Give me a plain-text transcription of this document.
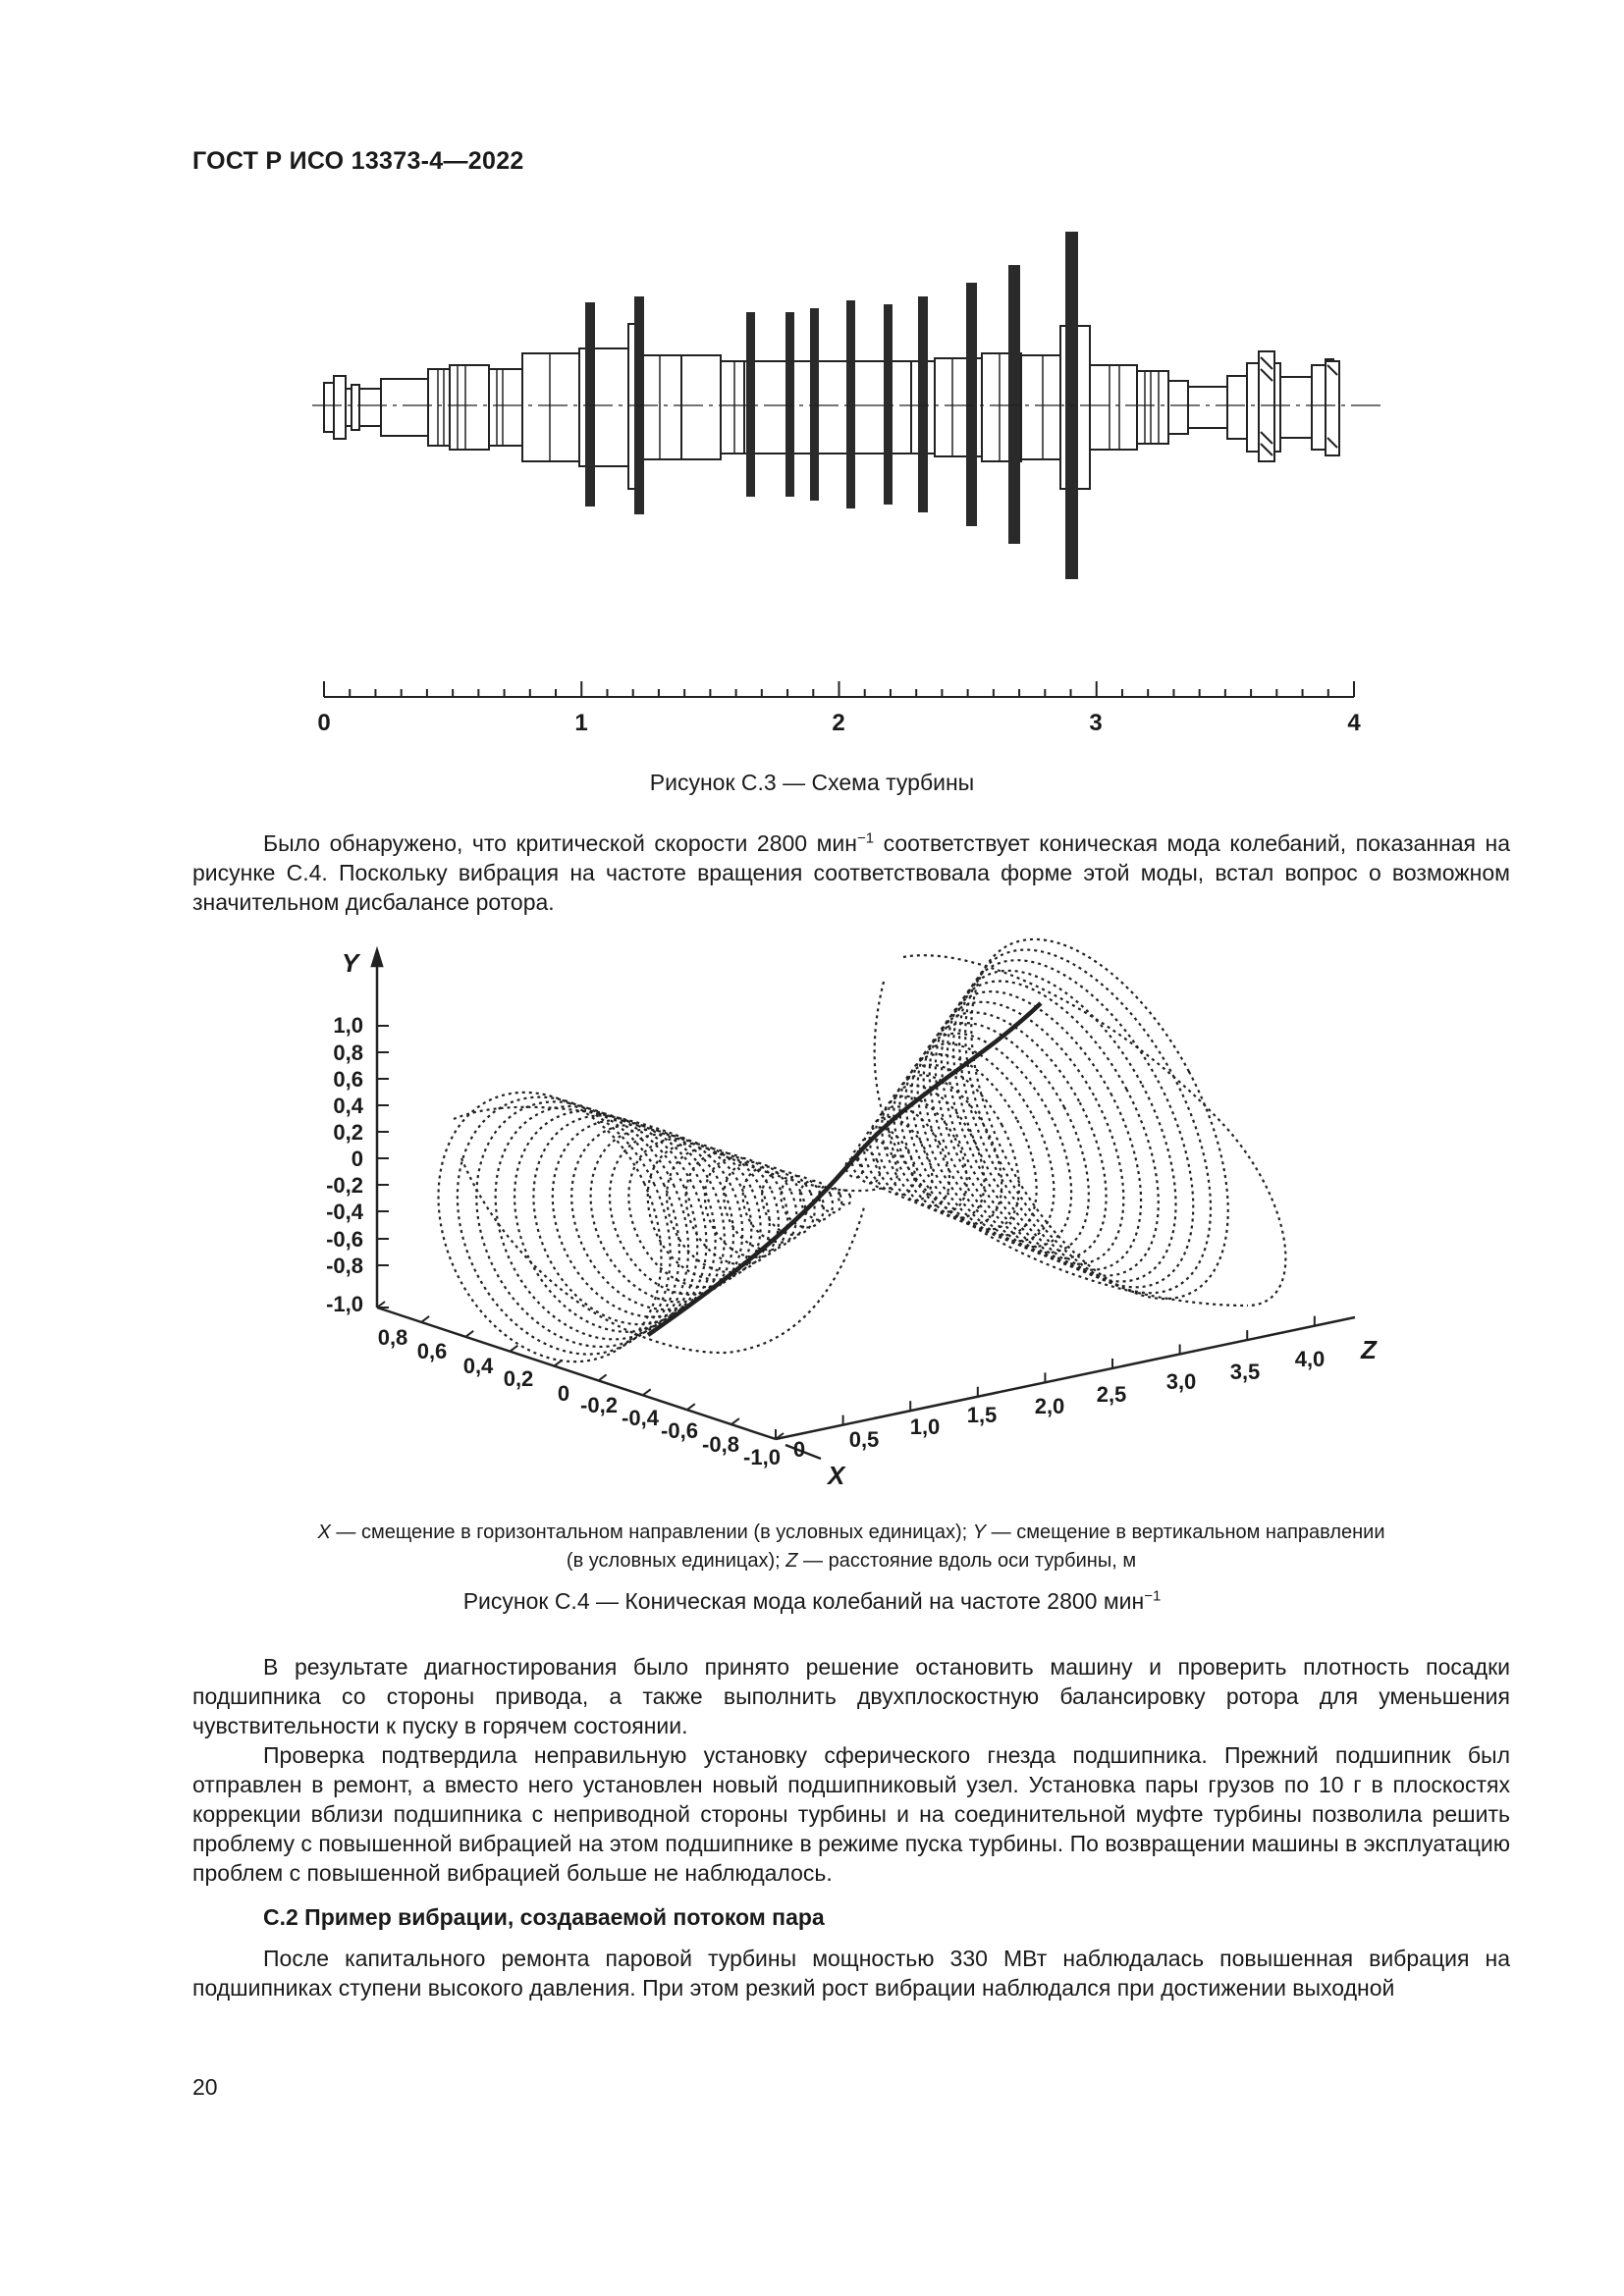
ГОСТ Р ИСО 13373-4—2022
0	1	2	3	4
Рисунок С.3 — Схема турбины

Было обнаружено, что критической скорости 2800 мин$^{-1}$ соответствует коническая мода колебаний, показанная на рисунке С.4. Поскольку вибрация на частоте вращения соответствовала форме этой моды, встал вопрос о возможном значительном дисбалансе ротора.

Y
Z
X
1,0
0,8
0,6
0,4
0,2
0
-0,2
-0,4
-0,6
-0,8
-1,0
0,8
0,6
0,4
0,2
0 -0,2
-0,4
-0,6
-0,8
-1,0 0 0,5
1,0 1,5 2,0 2,5
3,0 3,5
4,0
X — смещение в горизонтальном направлении (в условных единицах); Y — смещение в вертикальном направлении
(в условных единицах); Z — расстояние вдоль оси турбины, м
Рисунок С.4 — Коническая мода колебаний на частоте 2800 мин$^{-1}$

В результате диагностирования было принято решение остановить машину и проверить плотность посадки подшипника со стороны привода, а также выполнить двухплоскостную балансировку ротора для уменьшения чувствительности к пуску в горячем состоянии.

Проверка подтвердила неправильную установку сферического гнезда подшипника. Прежний подшипник был отправлен в ремонт, а вместо него установлен новый подшипниковый узел. Установка пары грузов по 10 г в плоскостях коррекции вблизи подшипника с неприводной стороны турбины и на соединительной муфте турбины позволила решить проблему с повышенной вибрацией на этом подшипнике в режиме пуска турбины. По возвращении машины в эксплуатацию проблем с повышенной вибрацией больше не наблюдалось.

С.2 Пример вибрации, создаваемой потоком пара

После капитального ремонта паровой турбины мощностью 330 МВт наблюдалась повышенная вибрация на подшипниках ступени высокого давления. При этом резкий рост вибрации наблюдался при достижении выходной

20
